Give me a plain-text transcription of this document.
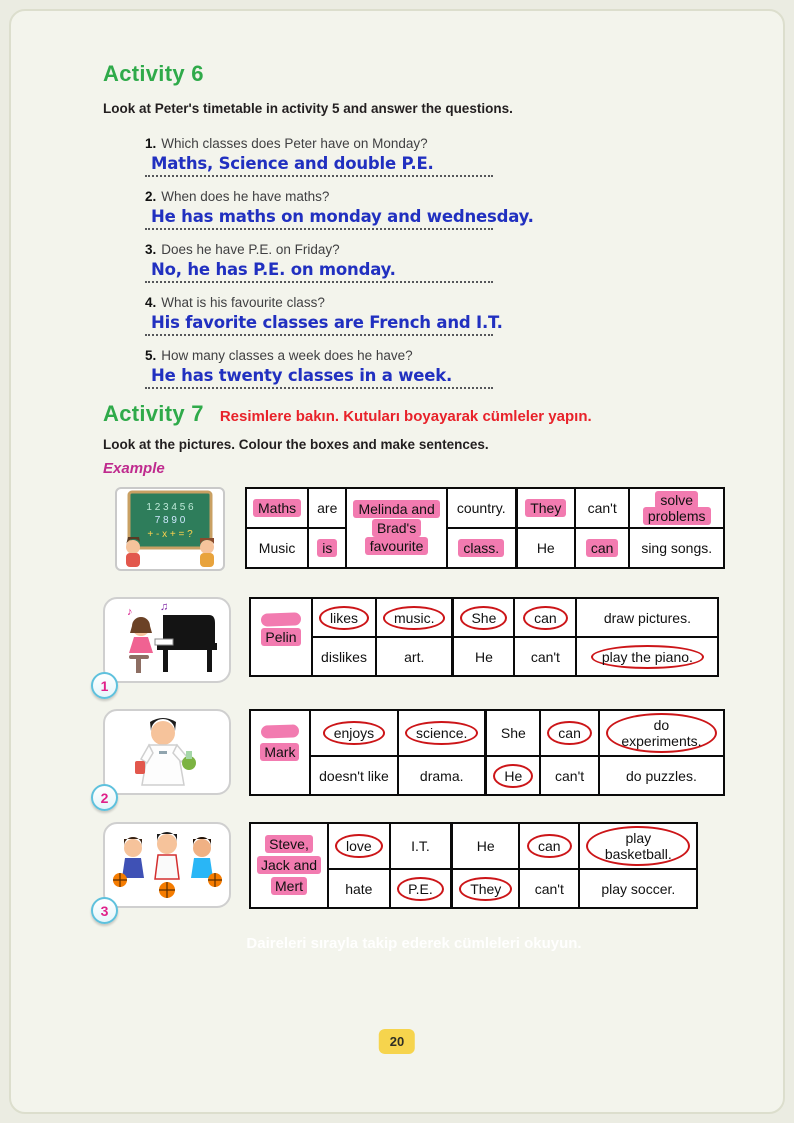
Activity 6

Look at Peter's timetable in activity 5 and answer the questions.

1. Which classes does Peter have on Monday?
Maths, Science and double P.E.
2. When does he have maths?
He has maths on monday and wednesday.
3. Does he have P.E. on Friday?
No, he has P.E. on monday.
4. What is his favourite class?
His favorite classes are French and I.T.
5. How many classes a week does he have?
He has twenty classes in a week.
Activity 7 Resimlere bakın. Kutuları boyayarak cümleler yapın.

Look at the pictures. Colour the boxes and make sentences.

Example

1 2 3 4 5 6
7 8 9 0
+ - x + = ?
Maths	are	Melinda and Brad's favourite	country.	They	can't	solve problems
Music	is		class.	He	can	sing songs.
♪	♫
1
Pelin	likes	music.	She	can	draw pictures.
	dislikes	art.	He	can't	play the piano.
2
Mark	enjoys	science.	She	can	do experiments.
	doesn't like	drama.	He	can't	do puzzles.
3
Steve, Jack and Mert	love	I.T.	He	can	play basketball.
	hate	P.E.	They	can't	play soccer.

Daireleri sırayla takip ederek cümleleri okuyun.

20
